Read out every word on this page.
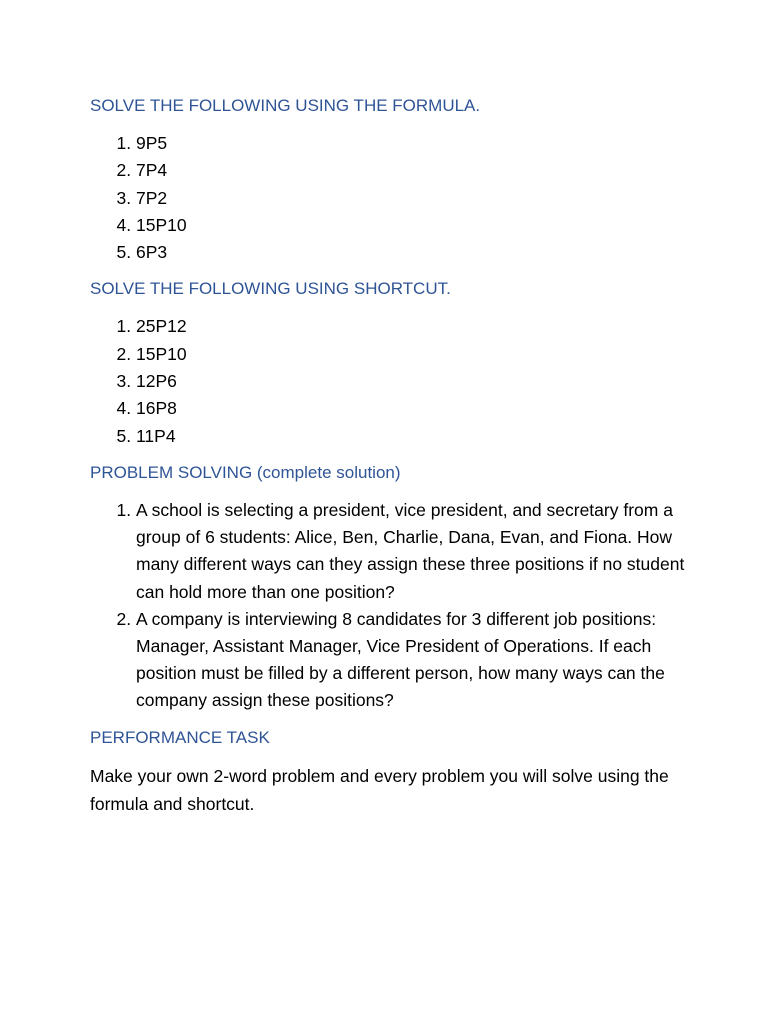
SOLVE THE FOLLOWING USING THE FORMULA.
1. 9P5
2. 7P4
3. 7P2
4. 15P10
5. 6P3
SOLVE THE FOLLOWING USING SHORTCUT.
1. 25P12
2. 15P10
3. 12P6
4. 16P8
5. 11P4
PROBLEM SOLVING (complete solution)
1. A school is selecting a president, vice president, and secretary from a group of 6 students: Alice, Ben, Charlie, Dana, Evan, and Fiona. How many different ways can they assign these three positions if no student can hold more than one position?
2. A company is interviewing 8 candidates for 3 different job positions: Manager, Assistant Manager, Vice President of Operations. If each position must be filled by a different person, how many ways can the company assign these positions?
PERFORMANCE TASK

Make your own 2-word problem and every problem you will solve using the formula and shortcut.
